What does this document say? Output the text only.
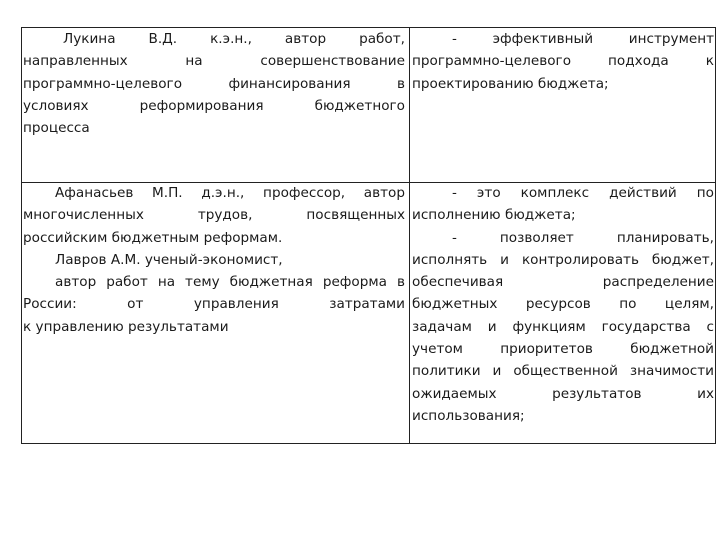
Лукина В.Д. к.э.н., автор работ,
направленных на совершенствование
программно-целевого финансирования в
условиях реформирования бюджетного
процесса
- эффективный инструмент
программно-целевого подхода к
проектированию бюджета;
Афанасьев М.П. д.э.н., профессор, автор
многочисленных трудов, посвященных
российским бюджетным реформам.
Лавров А.М. ученый-экономист,
автор работ на тему бюджетная реформа в
России: от управления затратами
к управлению результатами
- это комплекс действий по
исполнению бюджета;
- позволяет планировать,
исполнять и контролировать бюджет,
обеспечивая распределение
бюджетных ресурсов по целям,
задачам и функциям государства с
учетом приоритетов бюджетной
политики и общественной значимости
ожидаемых результатов их
использования;
